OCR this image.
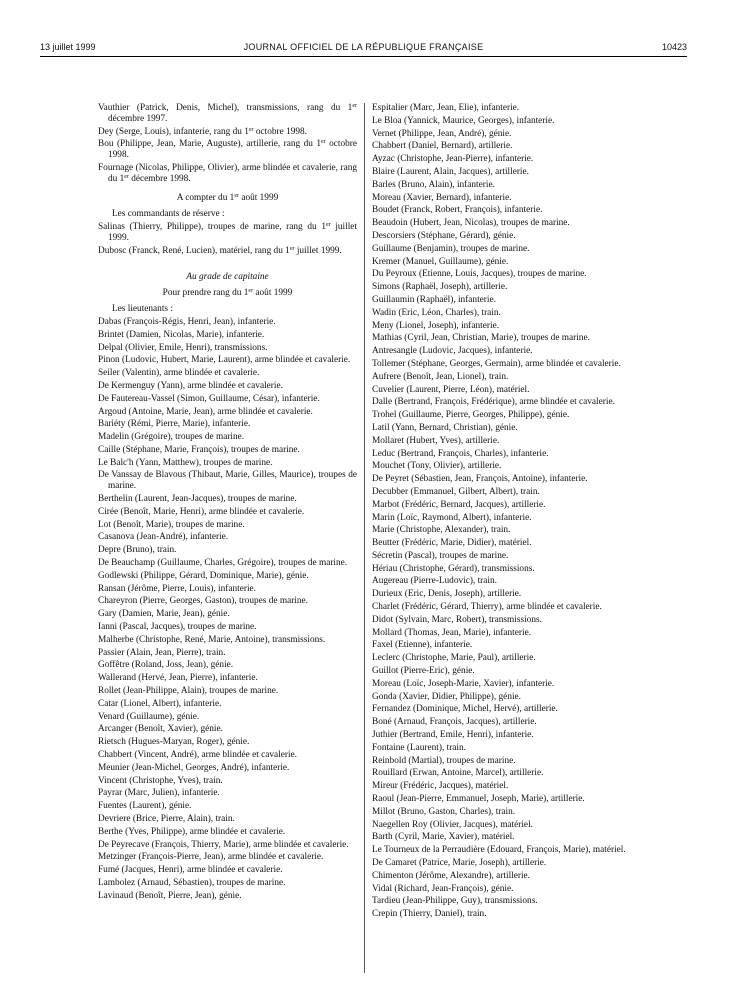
13 juillet 1999	JOURNAL OFFICIEL DE LA RÉPUBLIQUE FRANÇAISE	10423
Vauthier (Patrick, Denis, Michel), transmissions, rang du 1er décembre 1997.
Dey (Serge, Louis), infanterie, rang du 1er octobre 1998.
Bou (Philippe, Jean, Marie, Auguste), artillerie, rang du 1er octobre 1998.
Fournage (Nicolas, Philippe, Olivier), arme blindée et cavalerie, rang du 1er décembre 1998.
A compter du 1er août 1999
Les commandants de réserve :
Salinas (Thierry, Philippe), troupes de marine, rang du 1er juillet 1999.
Dubosc (Franck, René, Lucien), matériel, rang du 1er juillet 1999.
Au grade de capitaine
Pour prendre rang du 1er août 1999
Les lieutenants :
Dabas (François-Régis, Henri, Jean), infanterie.
Brintet (Damien, Nicolas, Marie), infanterie.
Delpal (Olivier, Emile, Henri), transmissions.
Pinon (Ludovic, Hubert, Marie, Laurent), arme blindée et cavalerie.
Seiler (Valentin), arme blindée et cavalerie.
De Kermenguy (Yann), arme blindée et cavalerie.
De Fautereau-Vassel (Simon, Guillaume, César), infanterie.
Argoud (Antoine, Marie, Jean), arme blindée et cavalerie.
Bariéty (Rémi, Pierre, Marie), infanterie.
Madelin (Grégoire), troupes de marine.
Caille (Stéphane, Marie, François), troupes de marine.
Le Balc'h (Yann, Matthew), troupes de marine.
De Vanssay de Blavous (Thibaut, Marie, Gilles, Maurice), troupes de marine.
Berthelin (Laurent, Jean-Jacques), troupes de marine.
Cirée (Benoît, Marie, Henri), arme blindée et cavalerie.
Lot (Benoît, Marie), troupes de marine.
Casanova (Jean-André), infanterie.
Depre (Bruno), train.
De Beauchamp (Guillaume, Charles, Grégoire), troupes de marine.
Godlewski (Philippe, Gérard, Dominique, Marie), génie.
Ransan (Jérôme, Pierre, Louis), infanterie.
Chareyron (Pierre, Georges, Gaston), troupes de marine.
Gary (Damien, Marie, Jean), génie.
Ianni (Pascal, Jacques), troupes de marine.
Malherbe (Christophe, René, Marie, Antoine), transmissions.
Passier (Alain, Jean, Pierre), train.
Goffêtre (Roland, Joss, Jean), génie.
Wallerand (Hervé, Jean, Pierre), infanterie.
Rollet (Jean-Philippe, Alain), troupes de marine.
Catar (Lionel, Albert), infanterie.
Venard (Guillaume), génie.
Arcanger (Benoît, Xavier), génie.
Rietsch (Hugues-Maryan, Roger), génie.
Chabbert (Vincent, André), arme blindée et cavalerie.
Meunier (Jean-Michel, Georges, André), infanterie.
Vincent (Christophe, Yves), train.
Payrar (Marc, Julien), infanterie.
Fuentes (Laurent), génie.
Devriere (Brice, Pierre, Alain), train.
Berthe (Yves, Philippe), arme blindée et cavalerie.
De Peyrecave (François, Thierry, Marie), arme blindée et cavalerie.
Metzinger (François-Pierre, Jean), arme blindée et cavalerie.
Fumé (Jacques, Henri), arme blindée et cavalerie.
Lambolez (Arnaud, Sébastien), troupes de marine.
Lavinaud (Benoît, Pierre, Jean), génie.
Espitalier (Marc, Jean, Elie), infanterie.
Le Bloa (Yannick, Maurice, Georges), infanterie.
Vernet (Philippe, Jean, André), génie.
Chabbert (Daniel, Bernard), artillerie.
Ayzac (Christophe, Jean-Pierre), infanterie.
Blaire (Laurent, Alain, Jacques), artillerie.
Barles (Bruno, Alain), infanterie.
Moreau (Xavier, Bernard), infanterie.
Boudet (Franck, Robert, François), infanterie.
Beaudoin (Hubert, Jean, Nicolas), troupes de marine.
Descorsiers (Stéphane, Gérard), génie.
Guillaume (Benjamin), troupes de marine.
Kremer (Manuel, Guillaume), génie.
Du Peyroux (Etienne, Louis, Jacques), troupes de marine.
Simons (Raphaël, Joseph), artillerie.
Guillaumin (Raphaël), infanterie.
Wadin (Eric, Léon, Charles), train.
Meny (Lionel, Joseph), infanterie.
Mathias (Cyril, Jean, Christian, Marie), troupes de marine.
Antresangle (Ludovic, Jacques), infanterie.
Tollemer (Stéphane, Georges, Germain), arme blindée et cavalerie.
Aufrere (Benoît, Jean, Lionel), train.
Cuvelier (Laurent, Pierre, Léon), matériel.
Dalle (Bertrand, François, Frédérique), arme blindée et cavalerie.
Trohel (Guillaume, Pierre, Georges, Philippe), génie.
Latil (Yann, Bernard, Christian), génie.
Mollaret (Hubert, Yves), artillerie.
Leduc (Bertrand, François, Charles), infanterie.
Mouchet (Tony, Olivier), artillerie.
De Peyret (Sébastien, Jean, François, Antoine), infanterie.
Decubber (Emmanuel, Gilbert, Albert), train.
Marbot (Frédéric, Bernard, Jacques), artillerie.
Marin (Loïc, Raymond, Albert), infanterie.
Marie (Christophe, Alexander), train.
Beutter (Frédéric, Marie, Didier), matériel.
Sécretin (Pascal), troupes de marine.
Hériau (Christophe, Gérard), transmissions.
Augereau (Pierre-Ludovic), train.
Durieux (Eric, Denis, Joseph), artillerie.
Charlet (Frédéric, Gérard, Thierry), arme blindée et cavalerie.
Didot (Sylvain, Marc, Robert), transmissions.
Mollard (Thomas, Jean, Marie), infanterie.
Faxel (Etienne), infanterie.
Leclerc (Christophe, Marie, Paul), artillerie.
Guillot (Pierre-Eric), génie.
Moreau (Loïc, Joseph-Marie, Xavier), infanterie.
Gonda (Xavier, Didier, Philippe), génie.
Fernandez (Dominique, Michel, Hervé), artillerie.
Boné (Arnaud, François, Jacques), artillerie.
Juthier (Bertrand, Emile, Henri), infanterie.
Fontaine (Laurent), train.
Reinbold (Martial), troupes de marine.
Rouillard (Erwan, Antoine, Marcel), artillerie.
Mireur (Frédéric, Jacques), matériel.
Raoul (Jean-Pierre, Emmanuel, Joseph, Marie), artillerie.
Millot (Bruno, Gaston, Charles), train.
Naegellen Roy (Olivier, Jacques), matériel.
Barth (Cyril, Marie, Xavier), matériel.
Le Tourneux de la Perraudière (Edouard, François, Marie), matériel.
De Camaret (Patrice, Marie, Joseph), artillerie.
Chimenton (Jérôme, Alexandre), artillerie.
Vidal (Richard, Jean-François), génie.
Tardieu (Jean-Philippe, Guy), transmissions.
Crepin (Thierry, Daniel), train.
